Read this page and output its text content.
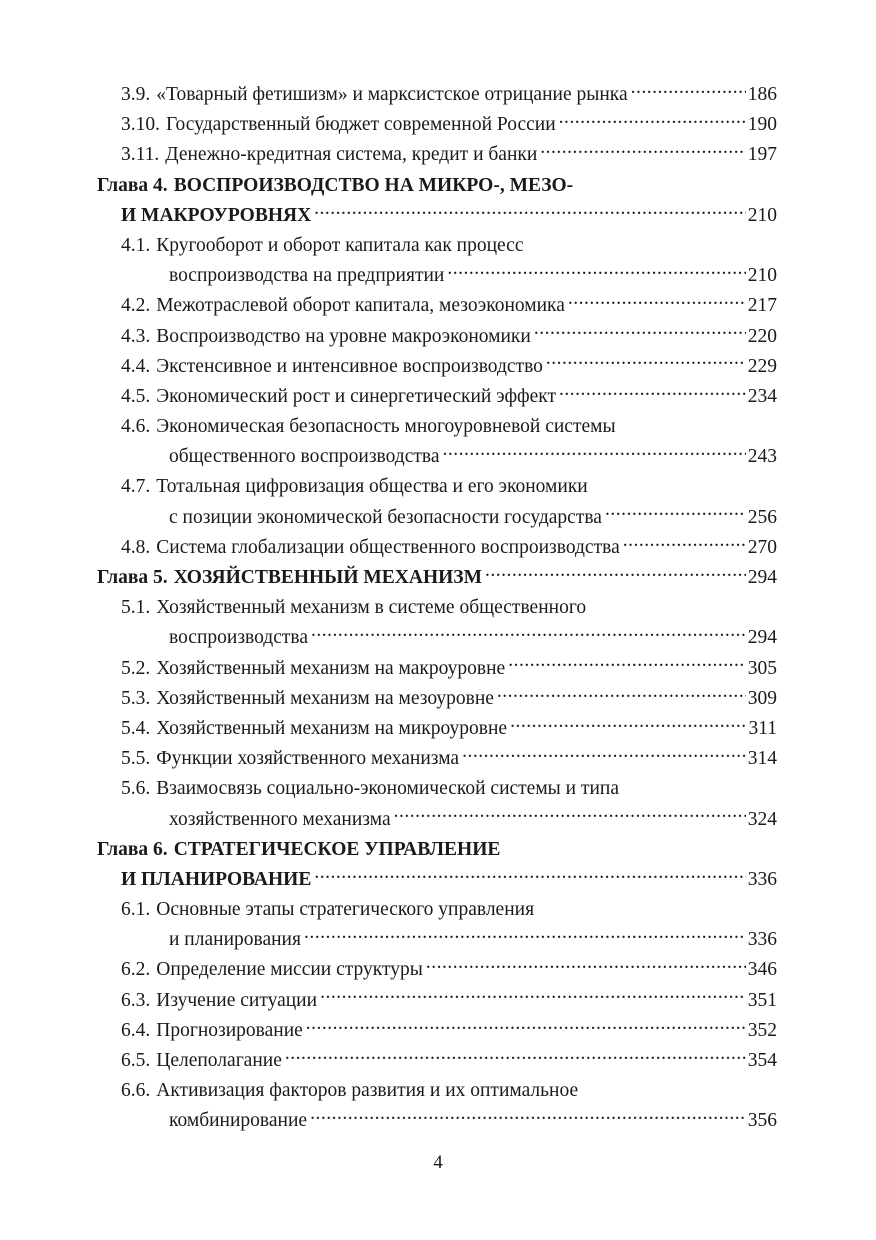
3.9. «Товарный фетишизм» и марксистское отрицание рынка .....	186
3.10. Государственный бюджет современной России .....	190
3.11. Денежно-кредитная система, кредит и банки .....	197
Глава 4. ВОСПРОИЗВОДСТВО НА МИКРО-, МЕЗО-
И МАКРОУРОВНЯХ .....	210
4.1. Кругооборот и оборот капитала как процесс
воспроизводства на предприятии .....	210
4.2. Межотраслевой оборот капитала, мезоэкономика .....	217
4.3. Воспроизводство на уровне макроэкономики .....	220
4.4. Экстенсивное и интенсивное воспроизводство .....	229
4.5. Экономический рост и синергетический эффект .....	234
4.6. Экономическая безопасность многоуровневой системы
общественного воспроизводства .....	243
4.7. Тотальная цифровизация общества и его экономики
с позиции экономической безопасности государства .....	256
4.8. Система глобализации общественного воспроизводства .....	270
Глава 5. ХОЗЯЙСТВЕННЫЙ МЕХАНИЗМ .....	294
5.1. Хозяйственный механизм в системе общественного
воспроизводства .....	294
5.2. Хозяйственный механизм на макроуровне .....	305
5.3. Хозяйственный механизм на мезоуровне .....	309
5.4. Хозяйственный механизм на микроуровне .....	311
5.5. Функции хозяйственного механизма .....	314
5.6. Взаимосвязь социально-экономической системы и типа
хозяйственного механизма .....	324
Глава 6. СТРАТЕГИЧЕСКОЕ УПРАВЛЕНИЕ
И ПЛАНИРОВАНИЕ .....	336
6.1. Основные этапы стратегического управления
и планирования .....	336
6.2. Определение миссии структуры .....	346
6.3. Изучение ситуации .....	351
6.4. Прогнозирование .....	352
6.5. Целеполагание .....	354
6.6. Активизация факторов развития и их оптимальное
комбинирование .....	356
4
